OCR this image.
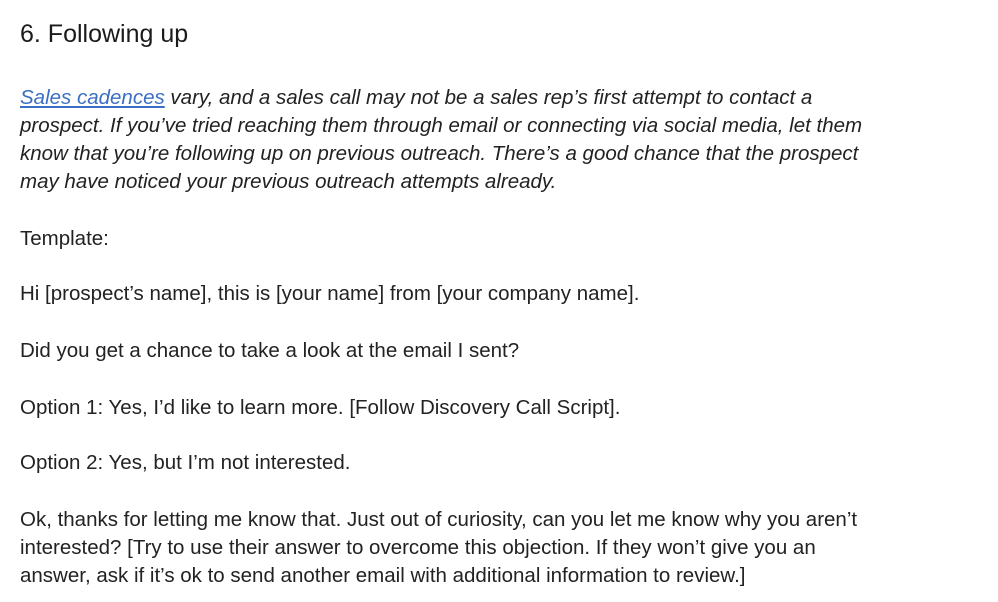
6. Following up

Sales cadences vary, and a sales call may not be a sales rep’s first attempt to contact a
prospect. If you’ve tried reaching them through email or connecting via social media, let them
know that you’re following up on previous outreach. There’s a good chance that the prospect
may have noticed your previous outreach attempts already.

Template:

Hi [prospect’s name], this is [your name] from [your company name].

Did you get a chance to take a look at the email I sent?

Option 1: Yes, I’d like to learn more. [Follow Discovery Call Script].

Option 2: Yes, but I’m not interested.

Ok, thanks for letting me know that. Just out of curiosity, can you let me know why you aren’t
interested? [Try to use their answer to overcome this objection. If they won’t give you an
answer, ask if it’s ok to send another email with additional information to review.]
